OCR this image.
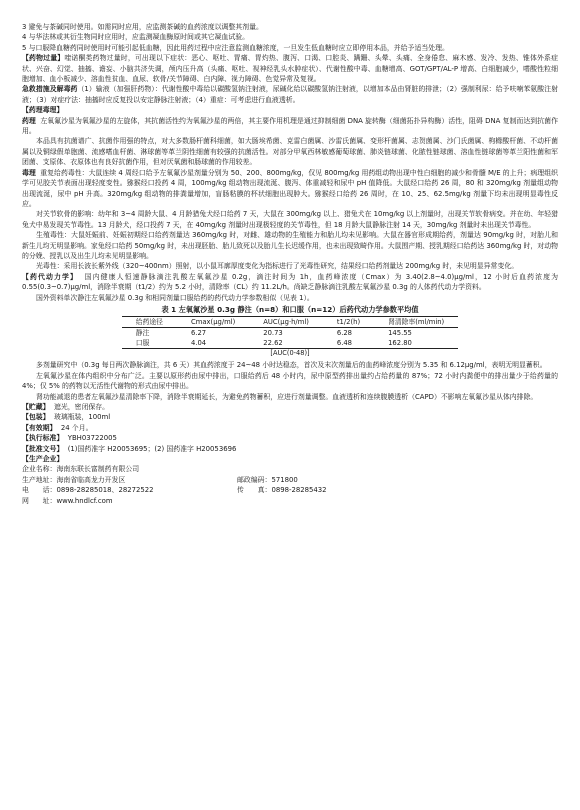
3 避免与茶碱同时使用。如需同时应用，应监测茶碱的血药浓度以调整其剂量。

4 与华法林或其衍生物同时应用时，应监测凝血酶原时间或其它凝血试验。

5 与口服降血糖药同时使用时可能引起低血糖，因此用药过程中应注意监测血糖浓度，一旦发生低血糖时应立即停用本品，并给予适当处理。

【药物过量】喹诺酮类药物过量时，可出现以下症状：恶心、呕吐、胃痛、胃灼热、腹泻、口渴、口腔炎、蹒跚、头晕、头痛、全身倦怠、麻木感、发冷、发热、锥体外系症状、兴奋、幻觉、抽搐、谵妄、小脑共济失调，颅内压升高（头痛、呕吐、视神经乳头水肿症状）、代谢性酸中毒、血糖增高、GOT/GPT/AL-P 增高、白细胞减少，嗜酸性粒细胞增加、血小板减少、溶血性贫血、血尿、软骨/关节障碍、白内障、视力障碍、色觉异常及复视。

急救措施及解毒药（1）输液（加强肝药物）：代谢性酸中毒给以碳酸氢钠注射液，尿碱化给以碳酸氢钠注射液，以增加本品由肾脏的排泄；（2）强制利尿：给予呋喃苯氨酸注射液；（3）对症疗法：抽搐时应反复投以安定静脉注射液；（4）重症：可考虑进行血液透析。

【药理毒理】

药理 左氧氟沙星为氧氟沙星的左旋体，其抗菌活性约为氧氟沙星的两倍，其主要作用机理是通过抑制细菌 DNA 旋转酶（细菌拓扑异构酶）活性，阻碍 DNA 复制而达到抗菌作用。

本品具有抗菌谱广、抗菌作用强的特点，对大多数肠杆菌科细菌，如大肠埃希菌、克雷白菌属、沙雷氏菌属、变形杆菌属、志贺菌属、沙门氏菌属、枸橼酸杆菌、不动杆菌属以及铜绿假单胞菌、流感嗜血杆菌、淋球菌等革兰阴性细菌有较强的抗菌活性。对部分甲氧西林敏感葡萄球菌、肺炎链球菌、化脓性链球菌、溶血性链球菌等革兰阳性菌和军团菌、支原体、衣原体也有良好抗菌作用，但对厌氧菌和肠球菌的作用较差。

毒理 重复给药毒性：大鼠连续 4 周经口给予左氧氟沙星剂量分别为 50、200、800mg/kg，仅见 800mg/kg 用药组动物出现中性白细胞的减少和骨髓 M/E 的上升；病理组织学可见胶关节表面出现轻度变性。猕猴经口投药 4 周，100mg/kg 组动物出现流涎、腹泻、体重减轻和尿中 pH 值降低。大鼠经口给药 26 周，80 和 320mg/kg 剂量组动物出现流涎，尿中 pH 升高。320mg/kg 组动物的排粪量增加，盲肠粘膜的杯状细胞出现肿大。猕猴经口给药 26 周时，在 10、25、62.5mg/kg 剂量下均未出现明显毒性反应。

对关节软骨的影响：幼年和 3~4 周龄大鼠、4 月龄猎兔犬经口给药 7 天，大鼠在 300mg/kg 以上、猎兔犬在 10mg/kg 以上剂量时，出现关节软骨病变。并在幼、年轻猎兔犬中易发现关节毒性。13 月龄犬，经口投药 7 天，在 40mg/kg 剂量时出现极轻度的关节毒性，但 18 月龄大鼠静脉注射 14 天，30mg/kg 剂量时未出现关节毒性。

生殖毒性：大鼠妊娠前、妊娠初期经口给药剂量达 360mg/kg 时，对雌、雄动物的生殖能力和胎儿均未见影响。大鼠在器官形成期给药，剂量达 90mg/kg 时，对胎儿和新生儿均无明显影响。家兔经口给药 50mg/kg 时，未出现胚胎、胎儿致死以及胎儿生长迟缓作用，也未出现致畸作用。大鼠围产期、授乳期经口给药达 360mg/kg 时，对动物的分娩、授乳以及出生儿均未见明显影响。

光毒性：采用长波长紫外线（320~400nm）照射，以小鼠耳廓厚度变化为指标进行了光毒性研究，结果经口给药剂量达 200mg/kg 时，未见明显异常变化。

【药代动力学】 国内健康人恒速静脉滴注乳酸左氧氟沙星 0.2g，滴注时间为 1h，血药峰浓度（Cmax）为 3.40(2.8~4.0)μg/ml，12 小时后血药浓度为 0.55(0.3~0.7)μg/ml，消除半衰期（t1/2）约为 5.2 小时，清除率（CL）约 11.2L/h。尚缺乏静脉滴注乳酸左氧氟沙星 0.3g 的人体药代动力学资料。

国外资料单次静注左氧氟沙星 0.3g 和相同剂量口服给药的药代动力学参数相似（见表 1）。

表 1 左氧氟沙星 0.3g 静注（n=8）和口服（n=12）后药代动力学参数平均值
给药途径	Cmax(μg/ml)	AUC(μg·h/ml)	t1/2(h)	肾清除率(ml/min)
静注	6.27	20.73	6.28	145.55
口服	4.04	22.62	6.48	162.80
[AUC(0-48)]

多剂量研究中（0.3g 每日两次静脉滴注，共 6 天）其血药浓度于 24~48 小时达稳态，首次及末次剂量后的血药峰浓度分别为 5.35 和 6.12μg/ml，表明无明显蓄积。

左氧氟沙星在体内组织中分布广泛。主要以原形药由尿中排出，口服给药后 48 小时内，尿中原型药排出量约占给药量的 87%；72 小时内粪便中的排出量少于给药量的 4%；仅 5% 的药物以无活性代谢物的形式由尿中排出。

肾功能减退的患者左氧氟沙星清除率下降，消除半衰期延长，为避免药物蓄积，应进行剂量调整。血液透析和连续腹膜透析（CAPD）不影响左氧氟沙星从体内排除。

【贮藏】 遮光，密闭保存。

【包装】 玻璃瓶装，100ml

【有效期】 24 个月。

【执行标准】 YBH03722005

【批准文号】 (1)国药准字 H20053695；(2) 国药准字 H20053696

【生产企业】

企业名称：海南东联长富制药有限公司

生产地址：海南省临高龙力开发区	邮政编码：571800
电　　话：0898-28285018、28272522	传　　真：0898-28285432

网　　址：www.hndlcf.com
